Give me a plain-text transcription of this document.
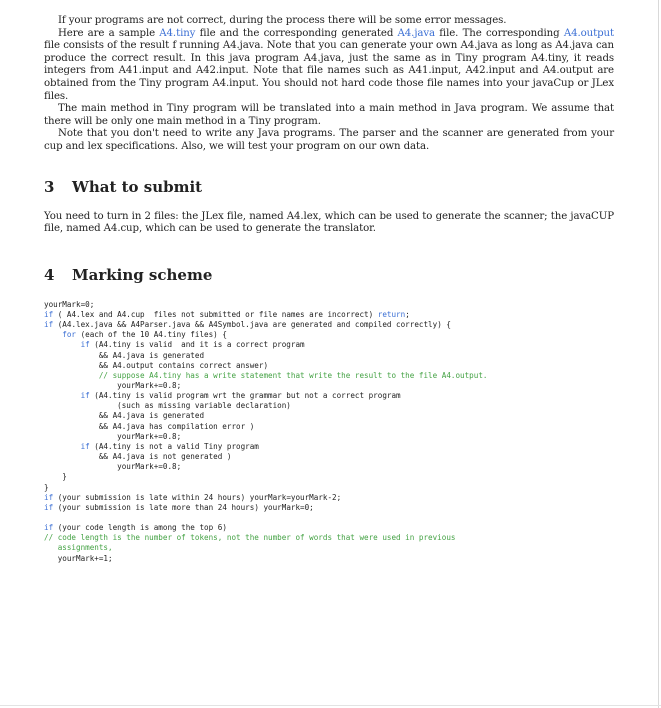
If your programs are not correct, during the process there will be some error messages.

Here are a sample A4.tiny file and the corresponding generated A4.java file. The corresponding A4.output file consists of the result f running A4.java. Note that you can generate your own A4.java as long as A4.java can produce the correct result. In this java program A4.java, just the same as in Tiny program A4.tiny, it reads integers from A41.input and A42.input. Note that file names such as A41.input, A42.input and A4.output are obtained from the Tiny program A4.input. You should not hard code those file names into your javaCup or JLex files.

The main method in Tiny program will be translated into a main method in Java program. We assume that there will be only one main method in a Tiny program.

Note that you don't need to write any Java programs. The parser and the scanner are generated from your cup and lex specifications. Also, we will test your program on our own data.

3 What to submit

You need to turn in 2 files: the JLex file, named A4.lex, which can be used to generate the scanner; the javaCUP file, named A4.cup, which can be used to generate the translator.

4 Marking scheme
yourMark=0;
if ( A4.lex and A4.cup  files not submitted or file names are incorrect) return;
if (A4.lex.java && A4Parser.java && A4Symbol.java are generated and compiled correctly) {
for (each of the 10 A4.tiny files) {
if (A4.tiny is valid  and it is a correct program
&& A4.java is generated
&& A4.output contains correct answer)
// suppose A4.tiny has a write statement that write the result to the file A4.output.
yourMark+=0.8;
if (A4.tiny is valid program wrt the grammar but not a correct program
(such as missing variable declaration)
&& A4.java is generated
&& A4.java has compilation error )
yourMark+=0.8;
if (A4.tiny is not a valid Tiny program
&& A4.java is not generated )
yourMark+=0.8;
}
}
if (your submission is late within 24 hours) yourMark=yourMark-2;
if (your submission is late more than 24 hours) yourMark=0;

if (your code length is among the top 6)
// code length is the number of tokens, not the number of words that were used in previous
assignments,
yourMark+=1;
